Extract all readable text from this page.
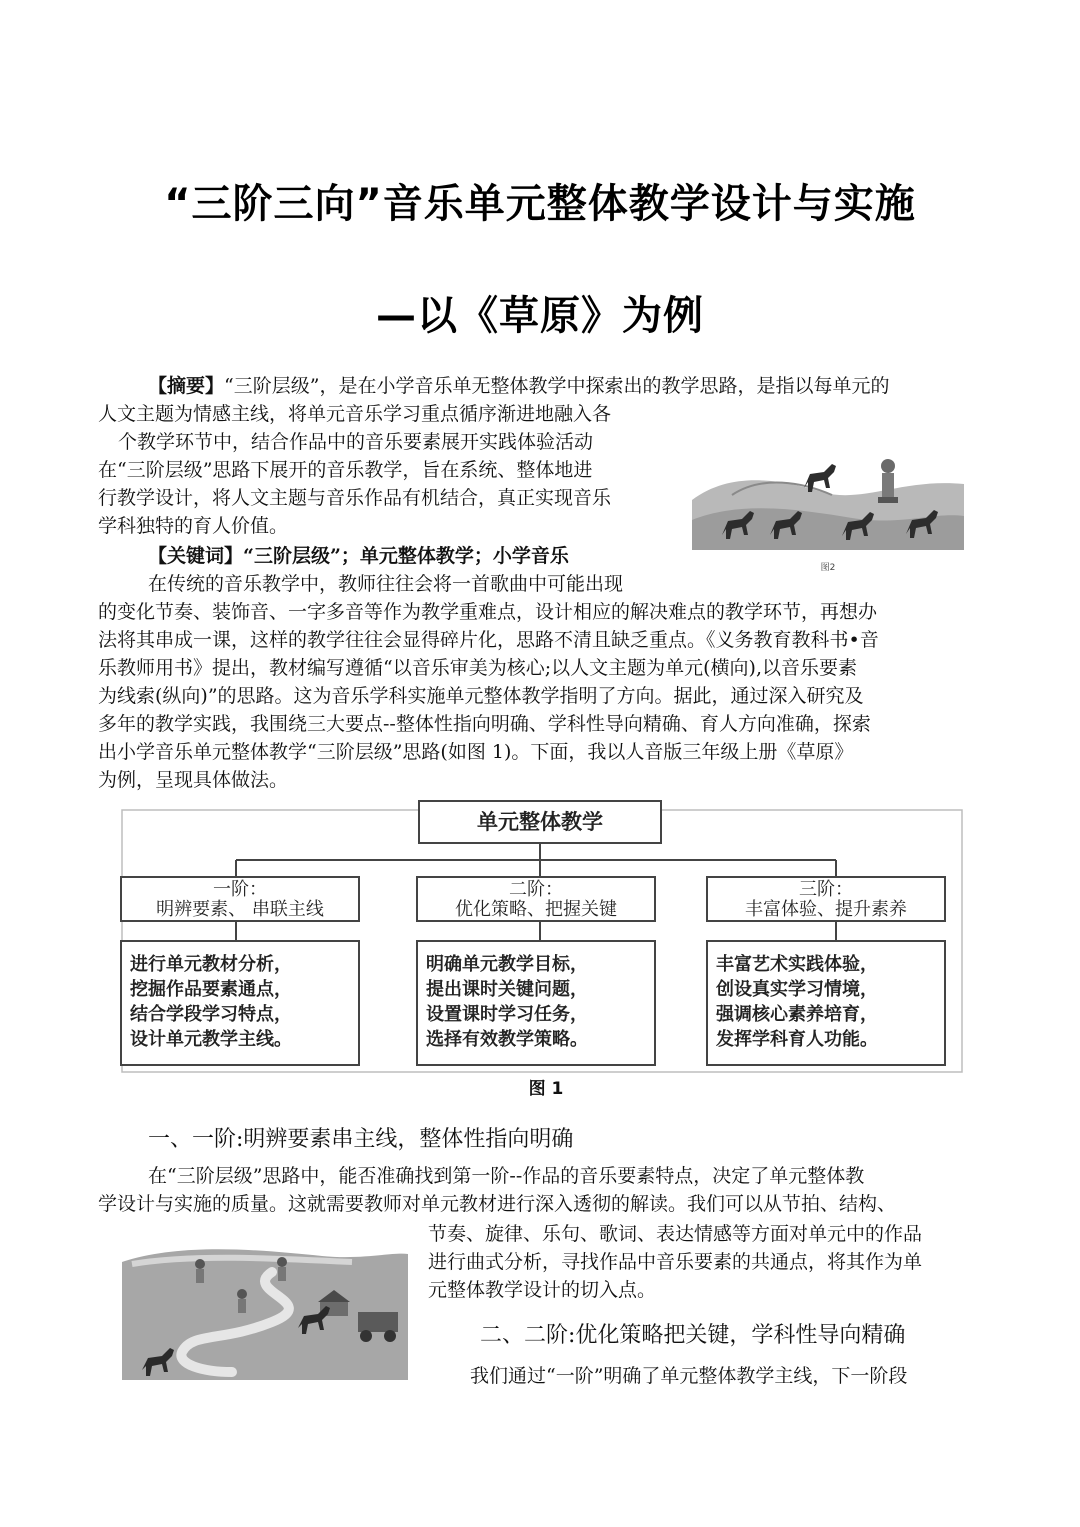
“三阶三向”音乐单元整体教学设计与实施
—以《草原》为例
【摘要】“三阶层级”，是在小学音乐单无整体教学中探索出的教学思路，是指以每单元的
人文主题为情感主线，将单元音乐学习重点循序渐进地融入各
个教学环节中，结合作品中的音乐要素展开实践体验活动
在“三阶层级”思路下展开的音乐教学，旨在系统、整体地进
行教学设计，将人文主题与音乐作品有机结合，真正实现音乐
学科独特的育人价值。
【关键词】“三阶层级”；单元整体教学；小学音乐
在传统的音乐教学中，教师往往会将一首歌曲中可能出现
的变化节奏、装饰音、一字多音等作为教学重难点，设计相应的解决难点的教学环节，再想办
法将其串成一课，这样的教学往往会显得碎片化，思路不清且缺乏重点。《义务教育教科书•音
乐教师用书》提出，教材编写遵循“以音乐审美为核心;以人文主题为单元(横向),以音乐要素
为线索(纵向)”的思路。这为音乐学科实施单元整体教学指明了方向。据此，通过深入研究及
多年的教学实践，我围绕三大要点--整体性指向明确、学科性导向精确、育人方向准确，探索
出小学音乐单元整体教学“三阶层级”思路(如图 1)。下面，我以人音版三年级上册《草原》
为例，呈现具体做法。
图2
单元整体教学
一阶：
明辨要素、 串联主线
二阶：
优化策略、把握关键
三阶：
丰富体验、提升素养
进行单元教材分析，
挖掘作品要素通点，
结合学段学习特点，
设计单元教学主线。
明确单元教学目标，
提出课时关键问题，
设置课时学习任务，
选择有效教学策略。
丰富艺术实践体验，
创设真实学习情境，
强调核心素养培育，
发挥学科育人功能。
图 1
一、一阶:明辨要素串主线，整体性指向明确
在“三阶层级”思路中，能否准确找到第一阶--作品的音乐要素特点，决定了单元整体教
学设计与实施的质量。这就需要教师对单元教材进行深入透彻的解读。我们可以从节拍、结构、
节奏、旋律、乐句、歌词、表达情感等方面对单元中的作品
进行曲式分析，寻找作品中音乐要素的共通点，将其作为单
元整体教学设计的切入点。
二、二阶:优化策略把关键，学科性导向精确
我们通过“一阶”明确了单元整体教学主线，下一阶段
